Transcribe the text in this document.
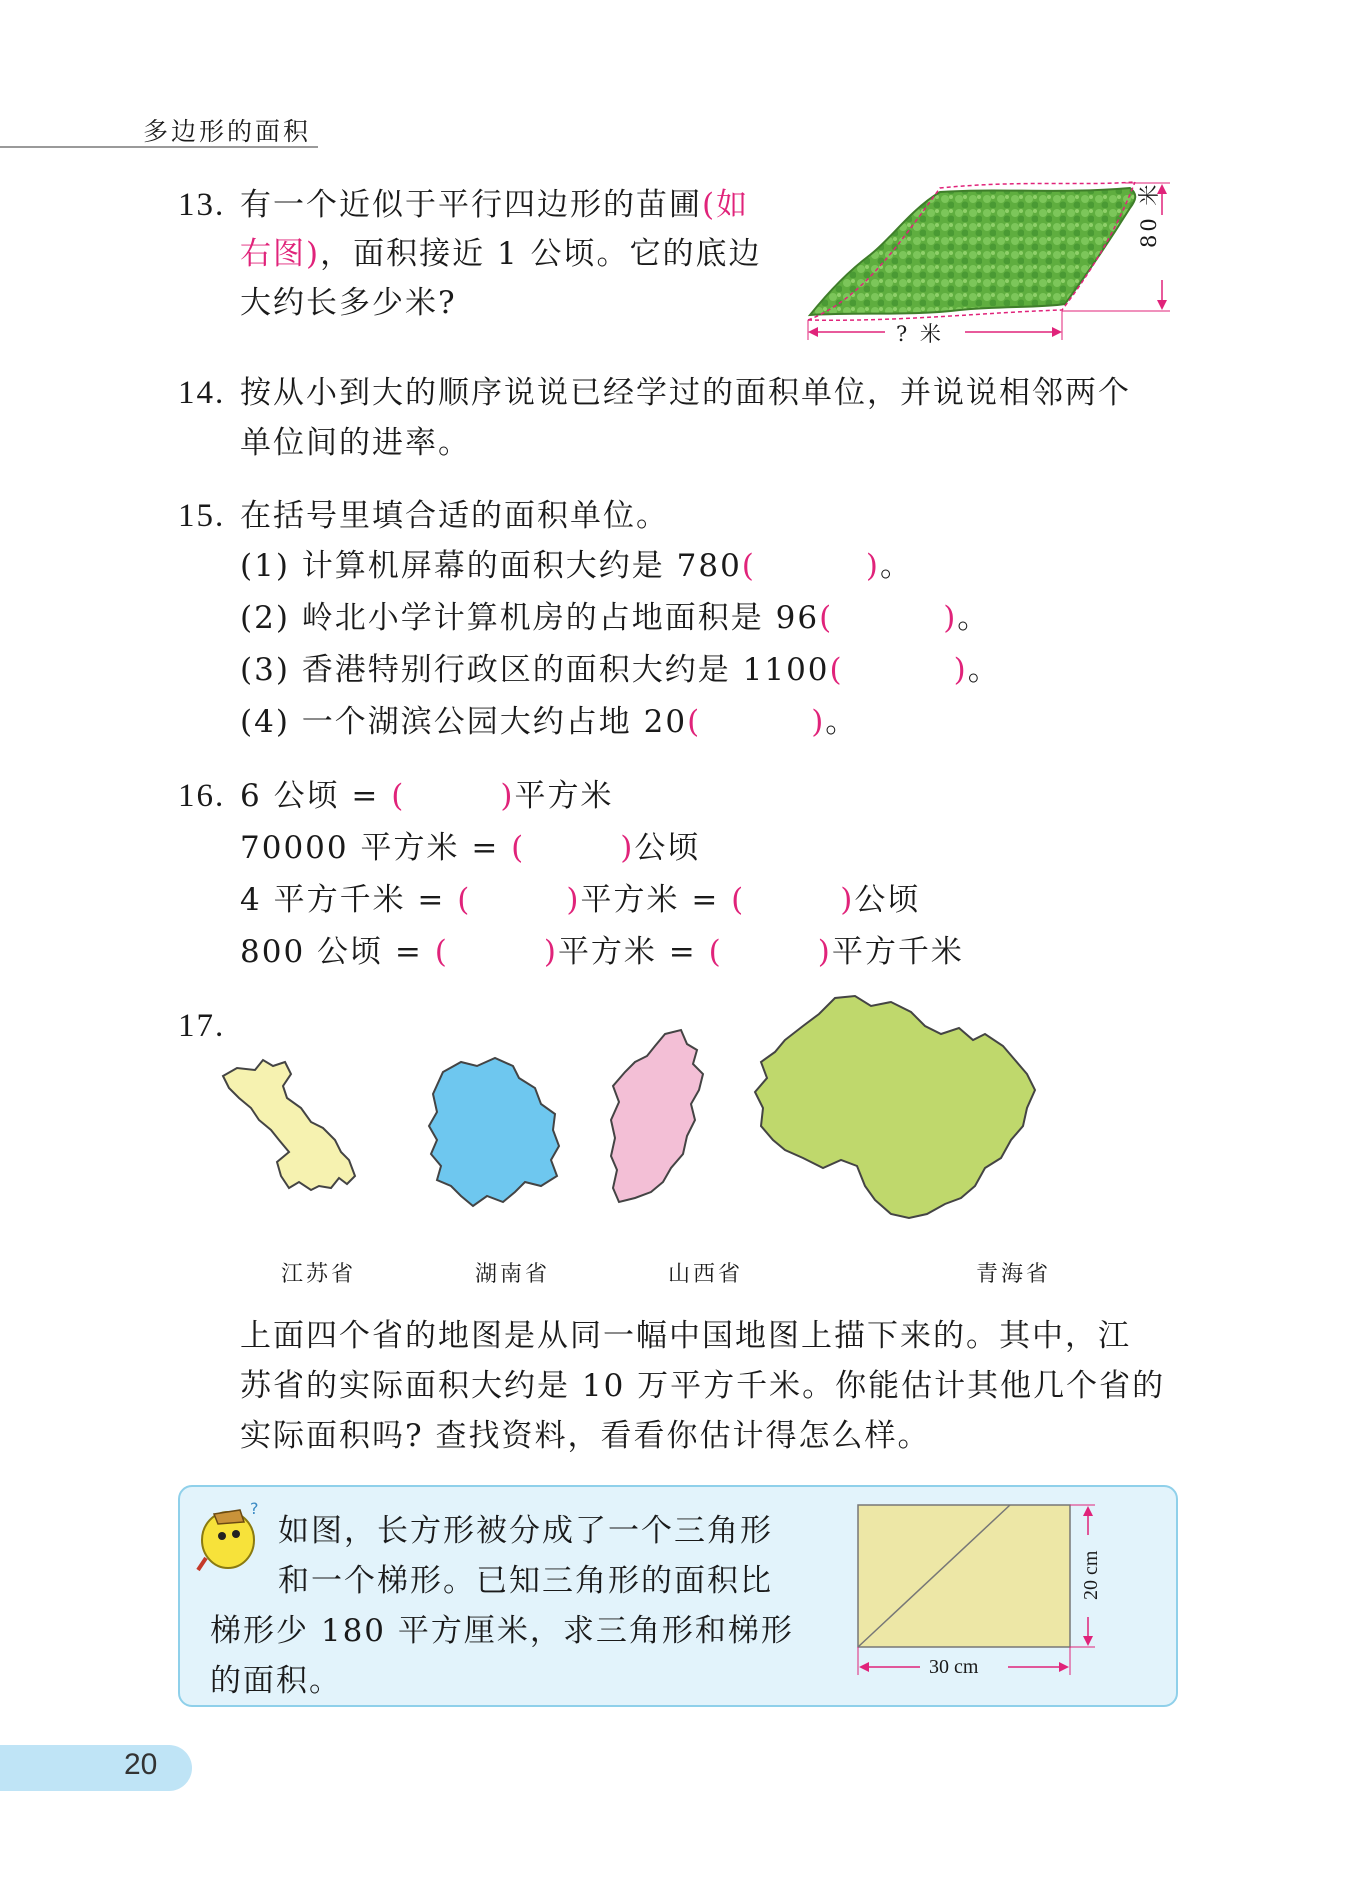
多边形的面积
13. 有一个近似于平行四边形的苗圃(如
右图)，面积接近 1 公顷。它的底边
大约长多少米?
80 米
? 米
14. 按从小到大的顺序说说已经学过的面积单位，并说说相邻两个
单位间的进率。
15. 在括号里填合适的面积单位。
(1) 计算机屏幕的面积大约是 780(	)。
(2) 岭北小学计算机房的占地面积是 96(	)。
(3) 香港特别行政区的面积大约是 1100(	)。
(4) 一个湖滨公园大约占地 20(	)。
16. 6 公顷 = (	)平方米
70000 平方米 = (	)公顷
4 平方千米 = (	)平方米 = (	)公顷
800 公顷 = (	)平方米 = (	)平方千米
17.
江苏省	湖南省	山西省	青海省
上面四个省的地图是从同一幅中国地图上描下来的。其中，江
苏省的实际面积大约是 10 万平方千米。你能估计其他几个省的
实际面积吗? 查找资料，看看你估计得怎么样。
?
如图，长方形被分成了一个三角形
和一个梯形。已知三角形的面积比
梯形少 180 平方厘米，求三角形和梯形
的面积。
20 cm
30 cm
20
